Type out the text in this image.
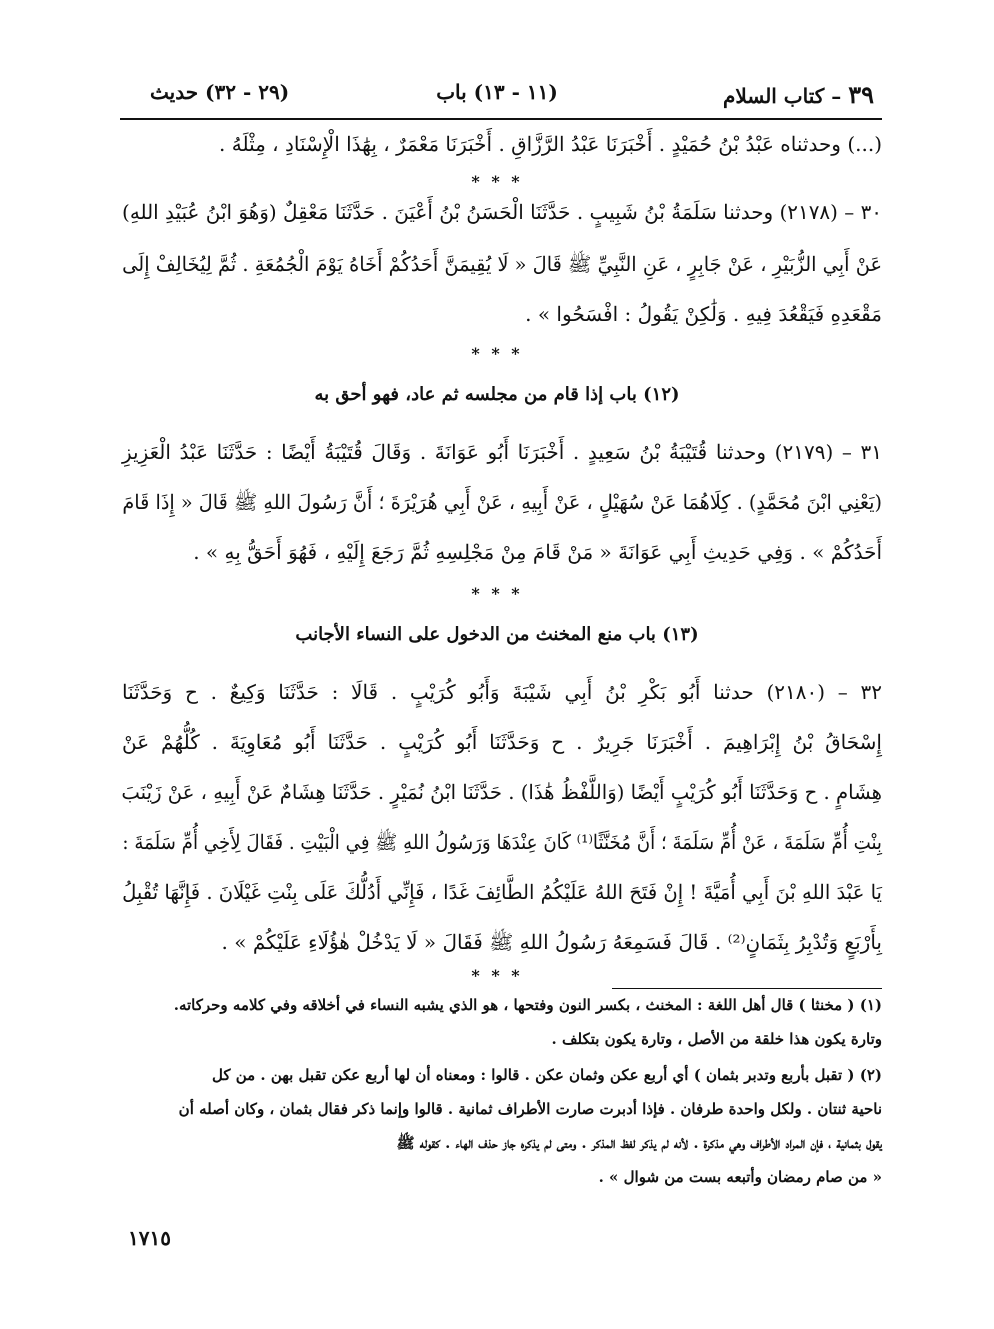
٣٩ – كتاب السلام
(١١ - ١٣) باب
(٢٩ - ٣٢) حديث
(...) وحدثناه عَبْدُ بْنُ حُمَيْدٍ . أَخْبَرَنَا عَبْدُ الرَّزَّاقِ . أَخْبَرَنَا مَعْمَرٌ ، بِهَٰذَا الْإِسْنَادِ ، مِثْلَهُ .
* * *
٣٠ – (٢١٧٨) وحدثنا سَلَمَةُ بْنُ شَبِيبٍ . حَدَّثَنَا الْحَسَنُ بْنُ أَعْيَنَ . حَدَّثَنَا مَعْقِلٌ (وَهُوَ ابْنُ عُبَيْدِ اللهِ)
عَنْ أَبِي الزُّبَيْرِ ، عَنْ جَابِرٍ ، عَنِ النَّبِيِّ ﷺ قَالَ « لَا يُقِيمَنَّ أَحَدُكُمْ أَخَاهُ يَوْمَ الْجُمُعَةِ . ثُمَّ لِيُخَالِفْ إِلَى
مَقْعَدِهِ فَيَقْعُدَ فِيهِ . وَلَٰكِنْ يَقُولُ : افْسَحُوا » .
* * *
(١٢) باب إذا قام من مجلسه ثم عاد، فهو أحق به
٣١ – (٢١٧٩) وحدثنا قُتَيْبَةُ بْنُ سَعِيدٍ . أَخْبَرَنَا أَبُو عَوَانَةَ . وَقَالَ قُتَيْبَةُ أَيْضًا : حَدَّثَنَا عَبْدُ الْعَزِيزِ
(يَعْنِي ابْنَ مُحَمَّدٍ) . كِلَاهُمَا عَنْ سُهَيْلٍ ، عَنْ أَبِيهِ ، عَنْ أَبِي هُرَيْرَةَ ؛ أَنَّ رَسُولَ اللهِ ﷺ قَالَ « إِذَا قَامَ
أَحَدُكُمْ » . وَفِي حَدِيثِ أَبِي عَوَانَةَ « مَنْ قَامَ مِنْ مَجْلِسِهِ ثُمَّ رَجَعَ إِلَيْهِ ، فَهُوَ أَحَقُّ بِهِ » .
* * *
(١٣) باب منع المخنث من الدخول على النساء الأجانب
٣٢ – (٢١٨٠) حدثنا أَبُو بَكْرِ بْنُ أَبِي شَيْبَةَ وَأَبُو كُرَيْبٍ . قَالَا : حَدَّثَنَا وَكِيعٌ . ح وَحَدَّثَنَا
إِسْحَاقُ بْنُ إِبْرَاهِيمَ . أَخْبَرَنَا جَرِيرٌ . ح وَحَدَّثَنَا أَبُو كُرَيْبٍ . حَدَّثَنَا أَبُو مُعَاوِيَةَ . كُلُّهُمْ عَنْ
هِشَامٍ . ح وَحَدَّثَنَا أَبُو كُرَيْبٍ أَيْضًا (وَاللَّفْظُ هَٰذَا) . حَدَّثَنَا ابْنُ نُمَيْرٍ . حَدَّثَنَا هِشَامٌ عَنْ أَبِيهِ ، عَنْ زَيْنَبَ
بِنْتِ أُمِّ سَلَمَةَ ، عَنْ أُمِّ سَلَمَةَ ؛ أَنَّ مُخَنَّثًا⁽¹⁾ كَانَ عِنْدَهَا وَرَسُولُ اللهِ ﷺ فِي الْبَيْتِ . فَقَالَ لِأَخِي أُمِّ سَلَمَةَ :
يَا عَبْدَ اللهِ بْنَ أَبِي أُمَيَّةَ ! إِنْ فَتَحَ اللهُ عَلَيْكُمُ الطَّائِفَ غَدًا ، فَإِنِّي أَدُلُّكَ عَلَى بِنْتِ غَيْلَانَ . فَإِنَّهَا تُقْبِلُ
بِأَرْبَعٍ وَتُدْبِرُ بِثَمَانٍ⁽²⁾ . قَالَ فَسَمِعَهُ رَسُولُ اللهِ ﷺ فَقَالَ « لَا يَدْخُلْ هٰؤُلَاءِ عَلَيْكُمْ » .
* * *
(١) ( مخنثا ) قال أهل اللغة : المخنث ، بكسر النون وفتحها ، هو الذي يشبه النساء في أخلاقه وفي كلامه وحركاته.
وتارة يكون هذا خلقة من الأصل ، وتارة يكون بتكلف .
(٢) ( تقبل بأربع وتدبر بثمان ) أي أربع عكن وثمان عكن . قالوا : ومعناه أن لها أربع عكن تقبل بهن . من كل
ناحية ثنتان . ولكل واحدة طرفان . فإذا أدبرت صارت الأطراف ثمانية . قالوا وإنما ذكر فقال بثمان ، وكان أصله أن
يقول بثمانية ، فإن المراد الأطراف وهي مذكرة . لأنه لم يذكر لفظ المذكر . ومتى لم يذكره جاز حذف الهاء . كقوله ﷺ
« من صام رمضان وأتبعه بست من شوال » .
١٧١٥
